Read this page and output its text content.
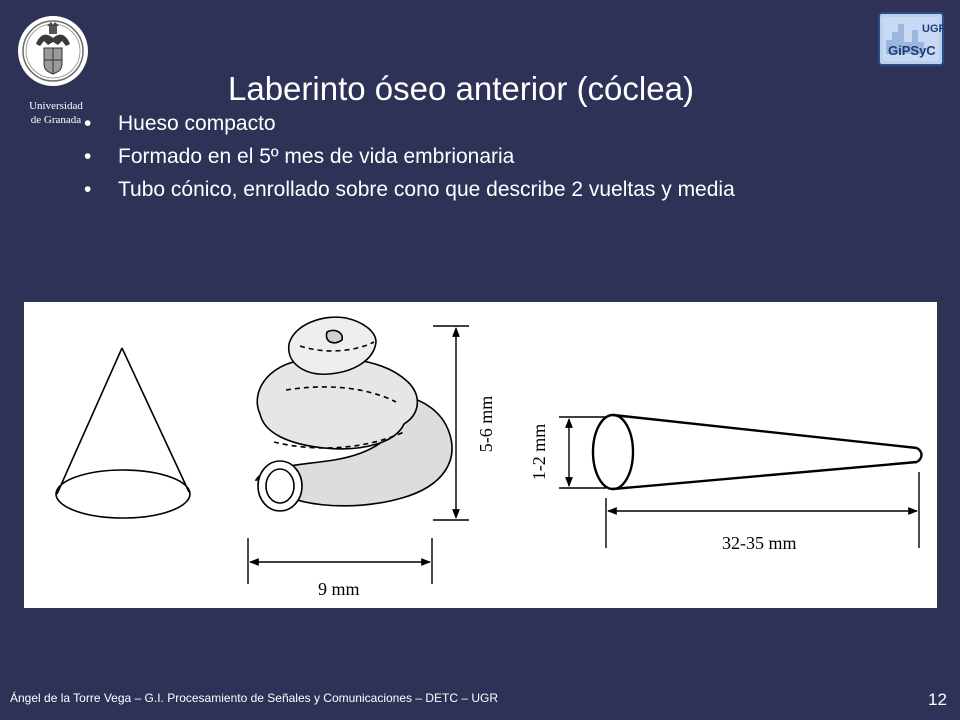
Universidad
de Granada
UGR
GiPSyC
Laberinto óseo anterior (cóclea)
• Hueso compacto
• Formado en el 5º mes de vida embrionaria
• Tubo cónico, enrollado sobre cono que describe 2 vueltas y media
5-6 mm
9 mm
1-2 mm
32-35 mm
Ángel de la Torre Vega – G.I. Procesamiento de Señales y Comunicaciones – DETC – UGR	12
